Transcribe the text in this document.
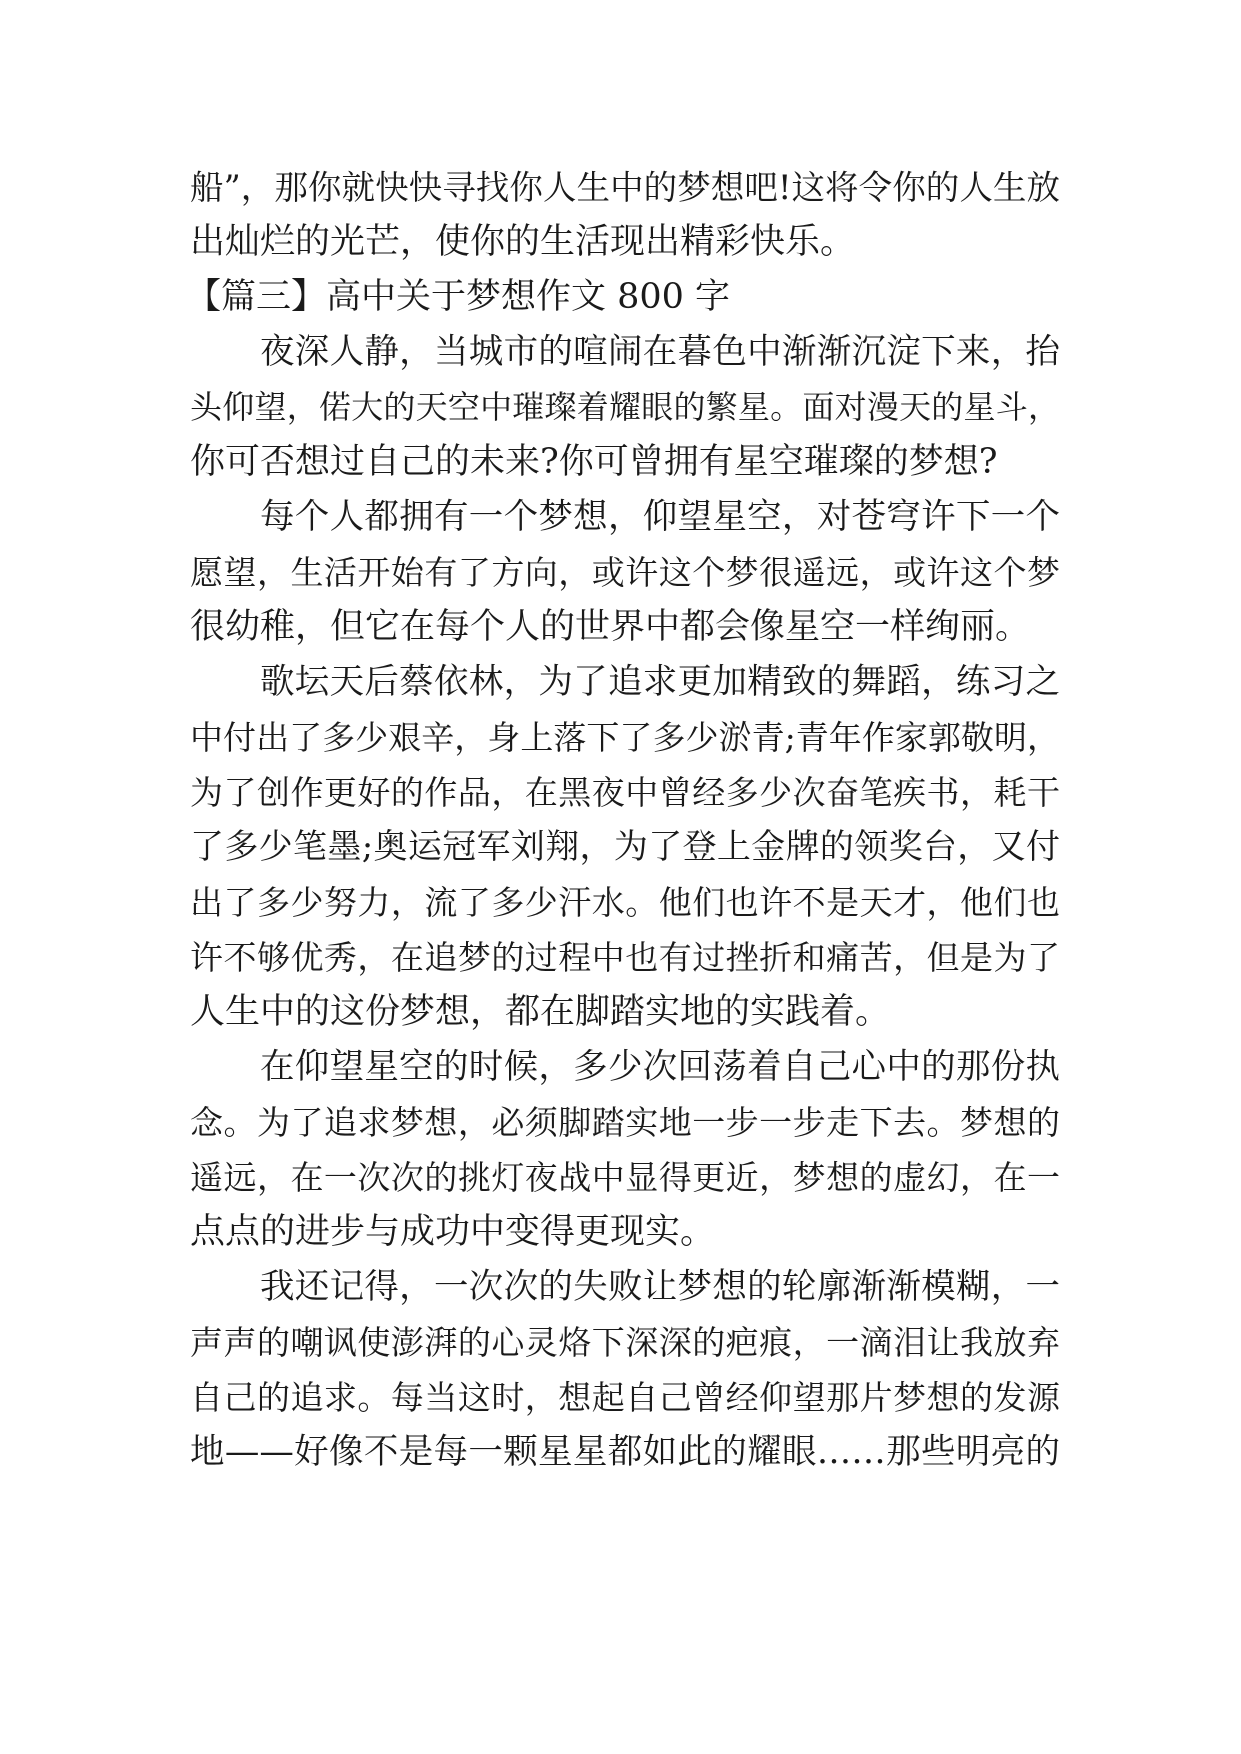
船”，那你就快快寻找你人生中的梦想吧!这将令你的人生放
出灿烂的光芒，使你的生活现出精彩快乐。
【篇三】高中关于梦想作文 800 字
夜深人静，当城市的喧闹在暮色中渐渐沉淀下来，抬
头仰望，偌大的天空中璀璨着耀眼的繁星。面对漫天的星斗，
你可否想过自己的未来?你可曾拥有星空璀璨的梦想?
每个人都拥有一个梦想，仰望星空，对苍穹许下一个
愿望，生活开始有了方向，或许这个梦很遥远，或许这个梦
很幼稚，但它在每个人的世界中都会像星空一样绚丽。
歌坛天后蔡依林，为了追求更加精致的舞蹈，练习之
中付出了多少艰辛，身上落下了多少淤青;青年作家郭敬明，
为了创作更好的作品，在黑夜中曾经多少次奋笔疾书，耗干
了多少笔墨;奥运冠军刘翔，为了登上金牌的领奖台，又付
出了多少努力，流了多少汗水。他们也许不是天才，他们也
许不够优秀，在追梦的过程中也有过挫折和痛苦，但是为了
人生中的这份梦想，都在脚踏实地的实践着。
在仰望星空的时候，多少次回荡着自己心中的那份执
念。为了追求梦想，必须脚踏实地一步一步走下去。梦想的
遥远，在一次次的挑灯夜战中显得更近，梦想的虚幻，在一
点点的进步与成功中变得更现实。
我还记得，一次次的失败让梦想的轮廓渐渐模糊，一
声声的嘲讽使澎湃的心灵烙下深深的疤痕，一滴泪让我放弃
自己的追求。每当这时，想起自己曾经仰望那片梦想的发源
地——好像不是每一颗星星都如此的耀眼……那些明亮的
